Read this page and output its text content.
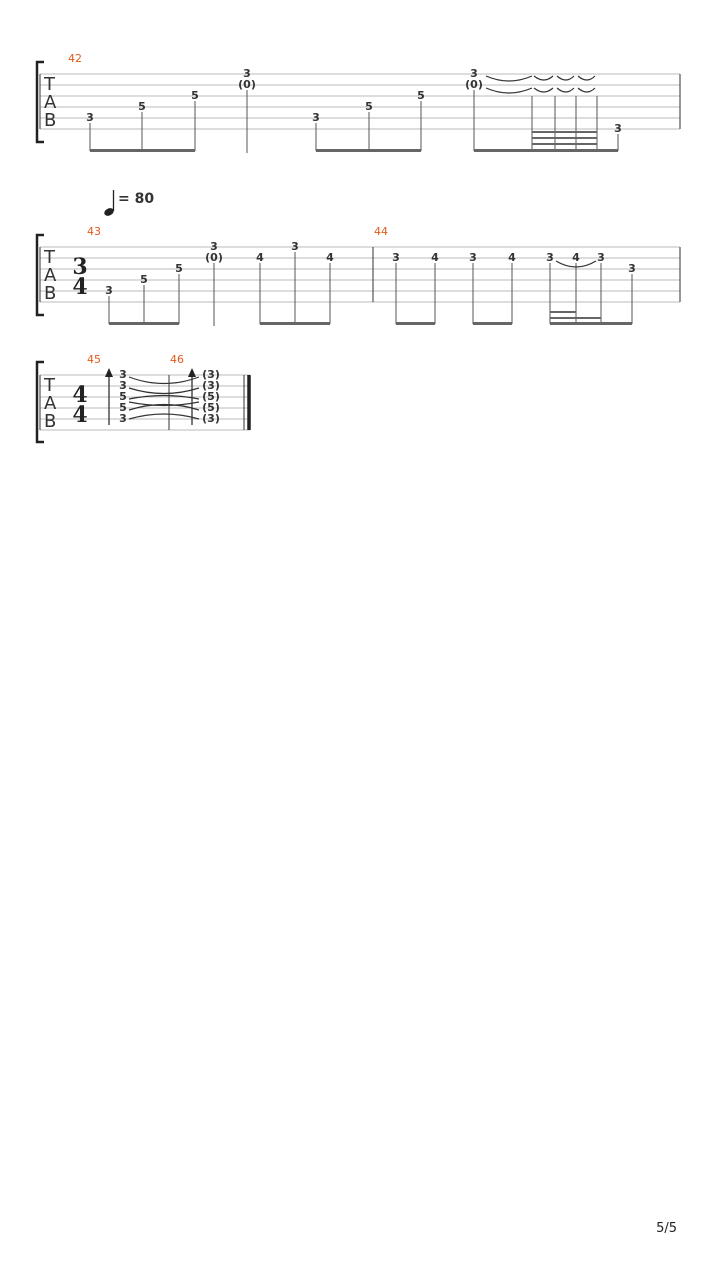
T
A
B
42
3
5
5
3
(0)
3
5
5
3
(0)
3
= 80
T
A
B
3
4
43	44
3
5
5
3
(0)	4
3
4	3	4	3	4	3 4 3
3
T
A
B
4
4
45	46
3
3
5
5
3
(3)
(3)
(5)
(5)
(3)
5/5
